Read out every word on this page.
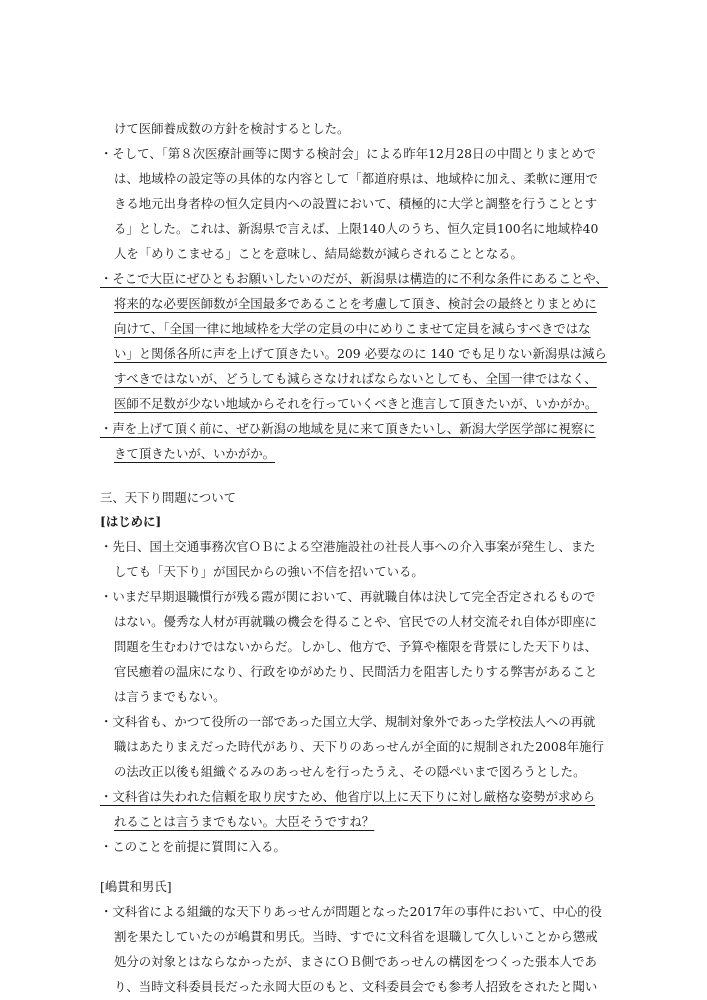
けて医師養成数の方針を検討するとした。
・そして、「第８次医療計画等に関する検討会」による昨年12月28日の中間とりまとめで
は、地域枠の設定等の具体的な内容として「都道府県は、地域枠に加え、柔軟に運用で
きる地元出身者枠の恒久定員内への設置において、積極的に大学と調整を行うこととす
る」とした。これは、新潟県で言えば、上限140人のうち、恒久定員100名に地域枠40
人を「めりこませる」ことを意味し、結局総数が減らされることとなる。
・そこで大臣にぜひともお願いしたいのだが、新潟県は構造的に不利な条件にあることや、
将来的な必要医師数が全国最多であることを考慮して頂き、検討会の最終とりまとめに
向けて、「全国一律に地域枠を大学の定員の中にめりこませて定員を減らすべきではな
い」と関係各所に声を上げて頂きたい。209 必要なのに 140 でも足りない新潟県は減ら
すべきではないが、どうしても減らさなければならないとしても、全国一律ではなく、
医師不足数が少ない地域からそれを行っていくべきと進言して頂きたいが、いかがか。
・声を上げて頂く前に、ぜひ新潟の地域を見に来て頂きたいし、新潟大学医学部に視察に
きて頂きたいが、いかがか。
三、天下り問題について
[はじめに]
・先日、国土交通事務次官ＯＢによる空港施設社の社長人事への介入事案が発生し、また
しても「天下り」が国民からの強い不信を招いている。
・いまだ早期退職慣行が残る霞が関において、再就職自体は決して完全否定されるもので
はない。優秀な人材が再就職の機会を得ることや、官民での人材交流それ自体が即座に
問題を生むわけではないからだ。しかし、他方で、予算や権限を背景にした天下りは、
官民癒着の温床になり、行政をゆがめたり、民間活力を阻害したりする弊害があること
は言うまでもない。
・文科省も、かつて役所の一部であった国立大学、規制対象外であった学校法人への再就
職はあたりまえだった時代があり、天下りのあっせんが全面的に規制された2008年施行
の法改正以後も組織ぐるみのあっせんを行ったうえ、その隠ぺいまで図ろうとした。
・文科省は失われた信頼を取り戻すため、他省庁以上に天下りに対し厳格な姿勢が求めら
れることは言うまでもない。大臣そうですね？
・このことを前提に質問に入る。
[嶋貫和男氏]
・文科省による組織的な天下りあっせんが問題となった2017年の事件において、中心的役
割を果たしていたのが嶋貫和男氏。当時、すでに文科省を退職して久しいことから懲戒
処分の対象とはならなかったが、まさにＯＢ側であっせんの構図をつくった張本人であ
り、当時文科委員長だった永岡大臣のもと、文科委員会でも参考人招致をされたと聞い
